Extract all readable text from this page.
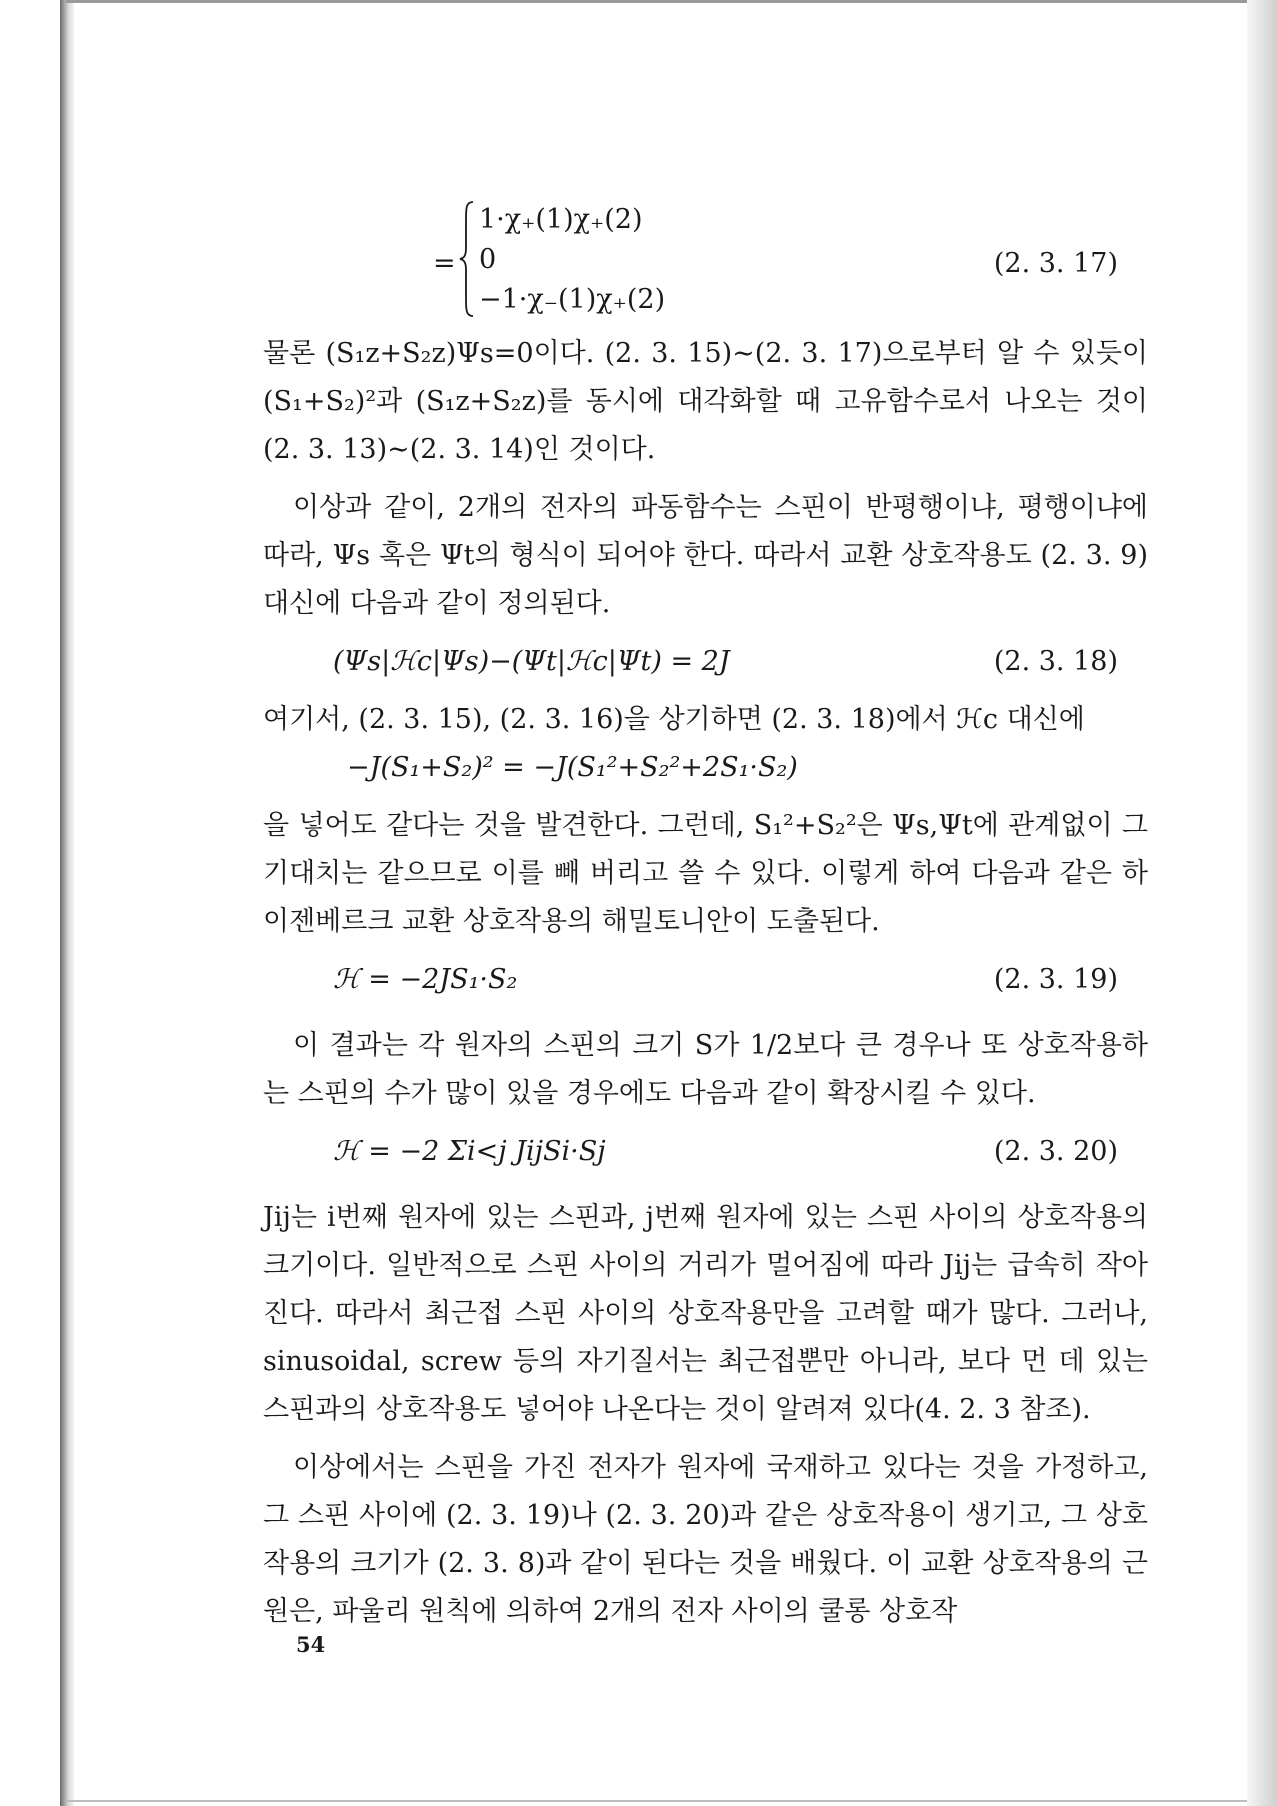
=
1·χ₊(1)χ₊(2)
0
−1·χ₋(1)χ₊(2)
(2. 3. 17)

물론 (S₁z+S₂z)Ψs=0이다. (2. 3. 15)∼(2. 3. 17)으로부터 알 수 있듯이 (S₁+S₂)²과 (S₁z+S₂z)를 동시에 대각화할 때 고유함수로서 나오는 것이 (2. 3. 13)∼(2. 3. 14)인 것이다.

이상과 같이, 2개의 전자의 파동함수는 스핀이 반평행이냐, 평행이냐에 따라, Ψs 혹은 Ψt의 형식이 되어야 한다. 따라서 교환 상호작용도 (2. 3. 9) 대신에 다음과 같이 정의된다.

(Ψs|ℋc|Ψs)−(Ψt|ℋc|Ψt) = 2J	(2. 3. 18)

여기서, (2. 3. 15), (2. 3. 16)을 상기하면 (2. 3. 18)에서 ℋc 대신에

−J(S₁+S₂)² = −J(S₁²+S₂²+2S₁·S₂)

을 넣어도 같다는 것을 발견한다. 그런데, S₁²+S₂²은 Ψs,Ψt에 관계없이 그 기대치는 같으므로 이를 빼 버리고 쓸 수 있다. 이렇게 하여 다음과 같은 하이젠베르크 교환 상호작용의 해밀토니안이 도출된다.

ℋ = −2JS₁·S₂	(2. 3. 19)

이 결과는 각 원자의 스핀의 크기 S가 1/2보다 큰 경우나 또 상호작용하는 스핀의 수가 많이 있을 경우에도 다음과 같이 확장시킬 수 있다.

ℋ = −2 Σi<j JijSi·Sj	(2. 3. 20)

Jij는 i번째 원자에 있는 스핀과, j번째 원자에 있는 스핀 사이의 상호작용의 크기이다. 일반적으로 스핀 사이의 거리가 멀어짐에 따라 Jij는 급속히 작아진다. 따라서 최근접 스핀 사이의 상호작용만을 고려할 때가 많다. 그러나, sinusoidal, screw 등의 자기질서는 최근접뿐만 아니라, 보다 먼 데 있는 스핀과의 상호작용도 넣어야 나온다는 것이 알려져 있다(4. 2. 3 참조).

이상에서는 스핀을 가진 전자가 원자에 국재하고 있다는 것을 가정하고, 그 스핀 사이에 (2. 3. 19)나 (2. 3. 20)과 같은 상호작용이 생기고, 그 상호작용의 크기가 (2. 3. 8)과 같이 된다는 것을 배웠다. 이 교환 상호작용의 근원은, 파울리 원칙에 의하여 2개의 전자 사이의 쿨롱 상호작

54
